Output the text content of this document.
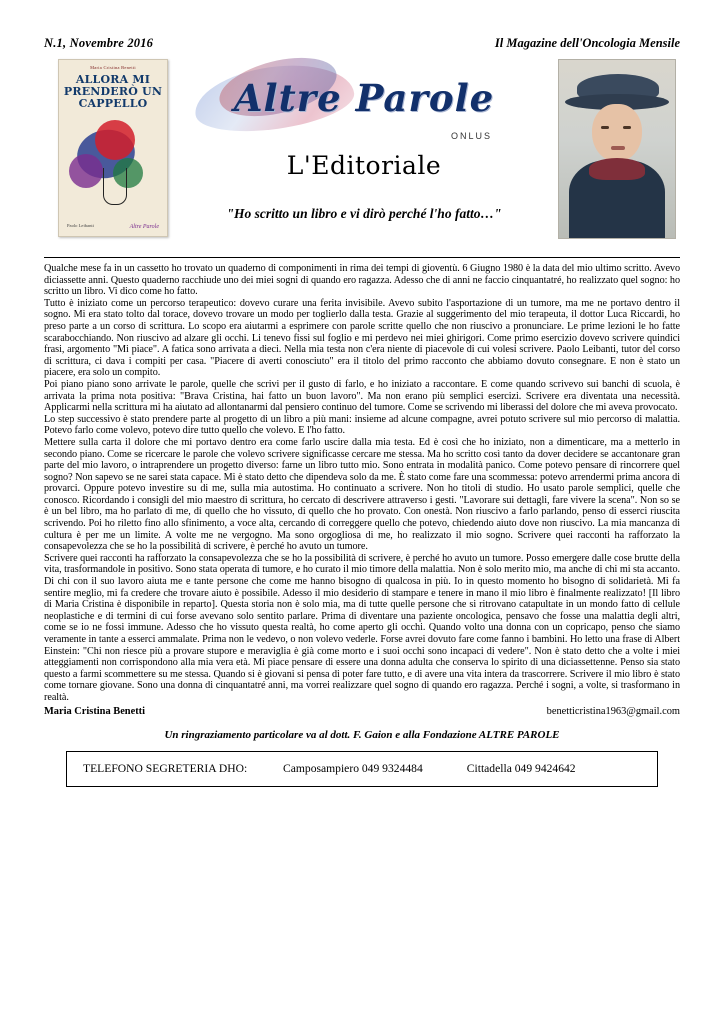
N.1, Novembre 2016	Il Magazine dell'Oncologia Mensile
Maria Cristina Benetti
ALLORA MI PRENDERÒ UN CAPPELLO
Paolo Leibanti	Altre Parole
Altre Parole
ONLUS
L'Editoriale
"Ho scritto un libro e vi dirò perché l'ho fatto…"

Qualche mese fa in un cassetto ho trovato un quaderno di componimenti in rima dei tempi di gioventù. 6 Giugno 1980 è la data del mio ultimo scritto. Avevo diciassette anni. Questo quaderno racchiude uno dei miei sogni di quando ero ragazza. Adesso che di anni ne faccio cinquantatré, ho realizzato quel sogno: ho scritto un libro. Vi dico come ho fatto.

Tutto è iniziato come un percorso terapeutico: dovevo curare una ferita invisibile. Avevo subito l'asportazione di un tumore, ma me ne portavo dentro il sogno. Mi era stato tolto dal torace, dovevo trovare un modo per toglierlo dalla testa. Grazie al suggerimento del mio terapeuta, il dottor Luca Riccardi, ho preso parte a un corso di scrittura. Lo scopo era aiutarmi a esprimere con parole scritte quello che non riuscivo a pronunciare. Le prime lezioni le ho fatte scarabocchiando. Non riuscivo ad alzare gli occhi. Li tenevo fissi sul foglio e mi perdevo nei miei ghirigori. Come primo esercizio dovevo scrivere quindici frasi, argomento "Mi piace". A fatica sono arrivata a dieci. Nella mia testa non c'era niente di piacevole di cui volesi scrivere. Paolo Leibanti, tutor del corso di scrittura, ci dava i compiti per casa. "Piacere di averti conosciuto" era il titolo del primo racconto che abbiamo dovuto consegnare. E non è stato un piacere, era solo un compito.

Poi piano piano sono arrivate le parole, quelle che scrivi per il gusto di farlo, e ho iniziato a raccontare. E come quando scrivevo sui banchi di scuola, è arrivata la prima nota positiva: "Brava Cristina, hai fatto un buon lavoro". Ma non erano più semplici esercizi. Scrivere era diventata una necessità. Applicarmi nella scrittura mi ha aiutato ad allontanarmi dal pensiero continuo del tumore. Come se scrivendo mi liberassi del dolore che mi aveva provocato.

Lo step successivo è stato prendere parte al progetto di un libro a più mani: insieme ad alcune compagne, avrei potuto scrivere sul mio percorso di malattia. Potevo farlo come volevo, potevo dire tutto quello che volevo. E l'ho fatto.

Mettere sulla carta il dolore che mi portavo dentro era come farlo uscire dalla mia testa. Ed è così che ho iniziato, non a dimenticare, ma a metterlo in secondo piano. Come se ricercare le parole che volevo scrivere significasse cercare me stessa. Ma ho scritto così tanto da dover decidere se accantonare gran parte del mio lavoro, o intraprendere un progetto diverso: farne un libro tutto mio. Sono entrata in modalità panico. Come potevo pensare di rincorrere quel sogno? Non sapevo se ne sarei stata capace. Mi è stato detto che dipendeva solo da me. È stato come fare una scommessa: potevo arrendermi prima ancora di provarci. Oppure potevo investire su di me, sulla mia autostima. Ho continuato a scrivere. Non ho titoli di studio. Ho usato parole semplici, quelle che conosco. Ricordando i consigli del mio maestro di scrittura, ho cercato di descrivere attraverso i gesti. "Lavorare sui dettagli, fare vivere la scena". Non so se è un bel libro, ma ho parlato di me, di quello che ho vissuto, di quello che ho provato. Con onestà. Non riuscivo a farlo parlando, penso di esserci riuscita scrivendo. Poi ho riletto fino allo sfinimento, a voce alta, cercando di correggere quello che potevo, chiedendo aiuto dove non riuscivo. La mia mancanza di cultura è per me un limite. A volte me ne vergogno. Ma sono orgogliosa di me, ho realizzato il mio sogno. Scrivere quei racconti ha rafforzato la consapevolezza che se ho la possibilità di scrivere, è perché ho avuto un tumore.

Scrivere quei racconti ha rafforzato la consapevolezza che se ho la possibilità di scrivere, è perché ho avuto un tumore. Posso emergere dalle cose brutte della vita, trasformandole in positivo. Sono stata operata di tumore, e ho curato il mio timore della malattia. Non è solo merito mio, ma anche di chi mi sta accanto. Di chi con il suo lavoro aiuta me e tante persone che come me hanno bisogno di qualcosa in più. Io in questo momento ho bisogno di solidarietà. Mi fa sentire meglio, mi fa credere che trovare aiuto è possibile. Adesso il mio desiderio di stampare e tenere in mano il mio libro è finalmente realizzato! [Il libro di Maria Cristina è disponibile in reparto]. Questa storia non è solo mia, ma di tutte quelle persone che si ritrovano catapultate in un mondo fatto di cellule neoplastiche e di termini di cui forse avevano solo sentito parlare. Prima di diventare una paziente oncologica, pensavo che fosse una malattia degli altri, come se io ne fossi immune. Adesso che ho vissuto questa realtà, ho come aperto gli occhi. Quando volto una donna con un copricapo, penso che siamo veramente in tante a esserci ammalate. Prima non le vedevo, o non volevo vederle. Forse avrei dovuto fare come fanno i bambini. Ho letto una frase di Albert Einstein: "Chi non riesce più a provare stupore e meraviglia è già come morto e i suoi occhi sono incapaci di vedere". Non è stato detto che a volte i miei atteggiamenti non corrispondono alla mia vera età. Mi piace pensare di essere una donna adulta che conserva lo spirito di una diciassettenne. Penso sia stato questo a farmi scommettere su me stessa. Quando si è giovani si pensa di poter fare tutto, e di avere una vita intera da trascorrere. Scrivere il mio libro è stato come tornare giovane. Sono una donna di cinquantatré anni, ma vorrei realizzare quel sogno di quando ero ragazza. Perché i sogni, a volte, si trasformano in realtà.

Maria Cristina Benetti	benetticristina1963@gmail.com
Un ringraziamento particolare va al dott. F. Gaion e alla Fondazione ALTRE PAROLE
TELEFONO SEGRETERIA DHO:	Camposampiero 049 9324484	Cittadella 049 9424642
